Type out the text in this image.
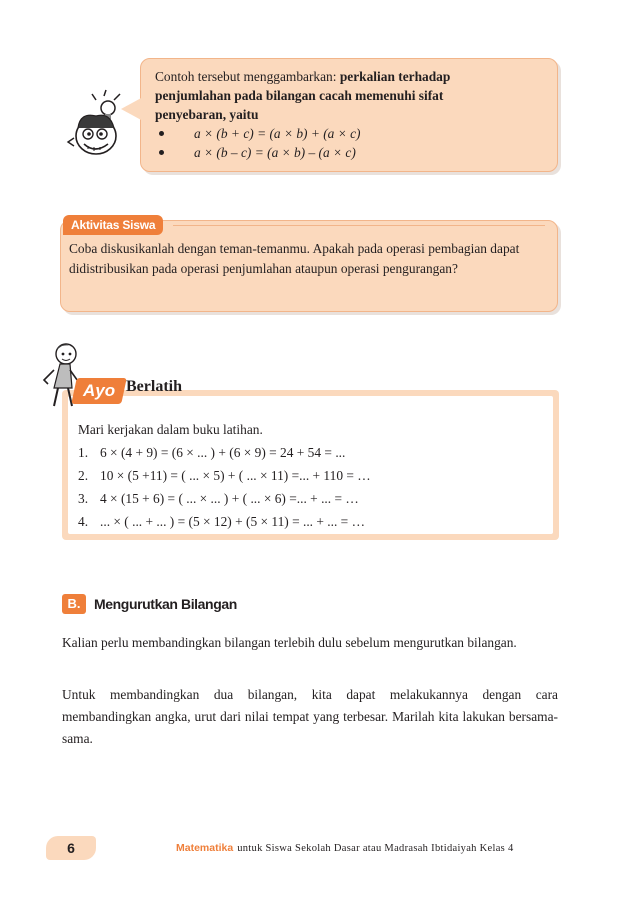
Contoh tersebut menggambarkan: perkalian terhadap
penjumlahan pada bilangan cacah memenuhi sifat
penyebaran, yaitu
a × (b + c) = (a × b) + (a × c)
a × (b – c) = (a × b) – (a × c)
Aktivitas Siswa

Coba diskusikanlah dengan teman-temanmu. Apakah pada operasi pembagian dapat didistribusikan pada operasi penjumlahan ataupun operasi pengurangan?

Ayo Berlatih
Mari kerjakan dalam buku latihan.
1. 6 × (4 + 9) = (6 × ... ) + (6 × 9) = 24 + 54 = ...
2. 10 × (5 +11) = ( ... × 5) + ( ... × 11) =... + 110 = …
3. 4 × (15 + 6) = ( ... × ... ) + ( ... × 6) =... + ... = …
4. ... × ( ... + ... ) = (5 × 12) + (5 × 11) = ... + ... = …
B. Mengurutkan Bilangan

Kalian perlu membandingkan bilangan terlebih dulu sebelum mengurutkan bilangan.

Untuk membandingkan dua bilangan, kita dapat melakukannya dengan cara membandingkan angka, urut dari nilai tempat yang terbesar. Marilah kita lakukan bersama-sama.

6	Matematika untuk Siswa Sekolah Dasar atau Madrasah Ibtidaiyah Kelas 4
